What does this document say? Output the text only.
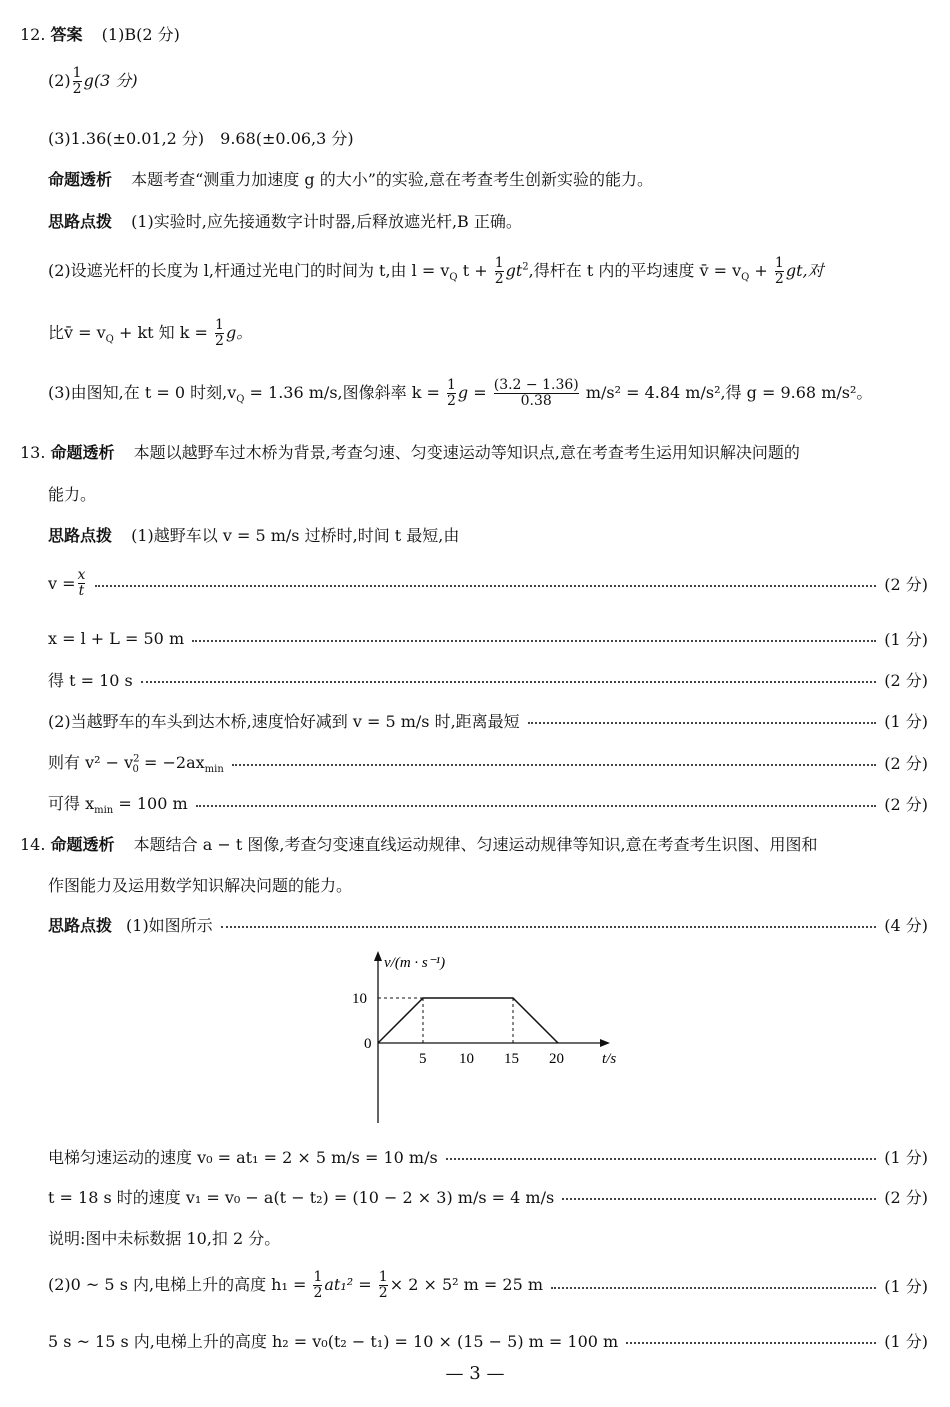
12. 答案 (1)B(2 分)
$(2) \frac{1}{2} g(3$ 分)
(3)1.36(±0.01,2 分)　9.68(±0.06,3 分)
命题透析 本题考查“测重力加速度 g 的大小”的实验,意在考查考生创新实验的能力。
思路点拨 (1)实验时,应先接通数字计时器,后释放遮光杆,B 正确。
(2)设遮光杆的长度为 l,杆通过光电门的时间为 t,由 $l = v_Q$ $t + \frac{1}{2} gt^2$,得杆在 t 内的平均速度 v̄ = $v_Q + \frac{1}{2}$ gt,对
比v̄ = $v_Q$ + kt 知 $k = \frac{1}{2}$ g。
(3)由图知,在 t = 0 时刻$,v_Q = 1.36$ m/s,图像斜率 $k = \frac{1}{2}$ $g = \frac{(3.2 - 1.36)}{0.38} m/s^2 = 4.84$ m/s²,得 g = 9.68 m/s²。
13. 命题透析 本题以越野车过木桥为背景,考查匀速、匀变速运动等知识点,意在考查考生运用知识解决问题的
能力。
思路点拨 (1)越野车以 v = 5 m/s 过桥时,时间 t 最短,由
$v = \frac{x}{t}$	(2 分)
x = l + L = 50 m	(1 分)
得 t = 10 s	(2 分)
(2)当越野车的车头到达木桥,速度恰好减到 v = 5 m/s 时,距离最短	(1 分)
则有 $v^2 - v^2_0 = -2ax_{min}$	(2 分)
可得 $x_{min} = 100$ m	(2 分)
14. 命题透析 本题结合 a − t 图像,考查匀变速直线运动规律、匀速运动规律等知识,意在考查考生识图、用图和
作图能力及运用数学知识解决问题的能力。
思路点拨 (1)如图所示	(4 分)
v/(m · s⁻¹)
t/s
0
10
5 10 15 20
电梯匀速运动的速度 v₀ = at₁ = 2 × 5 m/s = 10 m/s	(1 分)
t = 18 s 时的速度 v₁ = v₀ − a(t − t₂) = (10 − 2 × 3) m/s = 4 m/s	(2 分)
说明:图中未标数据 10,扣 2 分。
(2)0 ~ 5 s 内,电梯上升的高度 $h_1 = \frac{1}{2} at_1^2 = \frac{1}{2} \times 2 \times 5^2$ m = 25 m	(1 分)
5 s ~ 15 s 内,电梯上升的高度 h₂ = v₀(t₂ − t₁) = 10 × (15 − 5) m = 100 m	(1 分)
— 3 —
